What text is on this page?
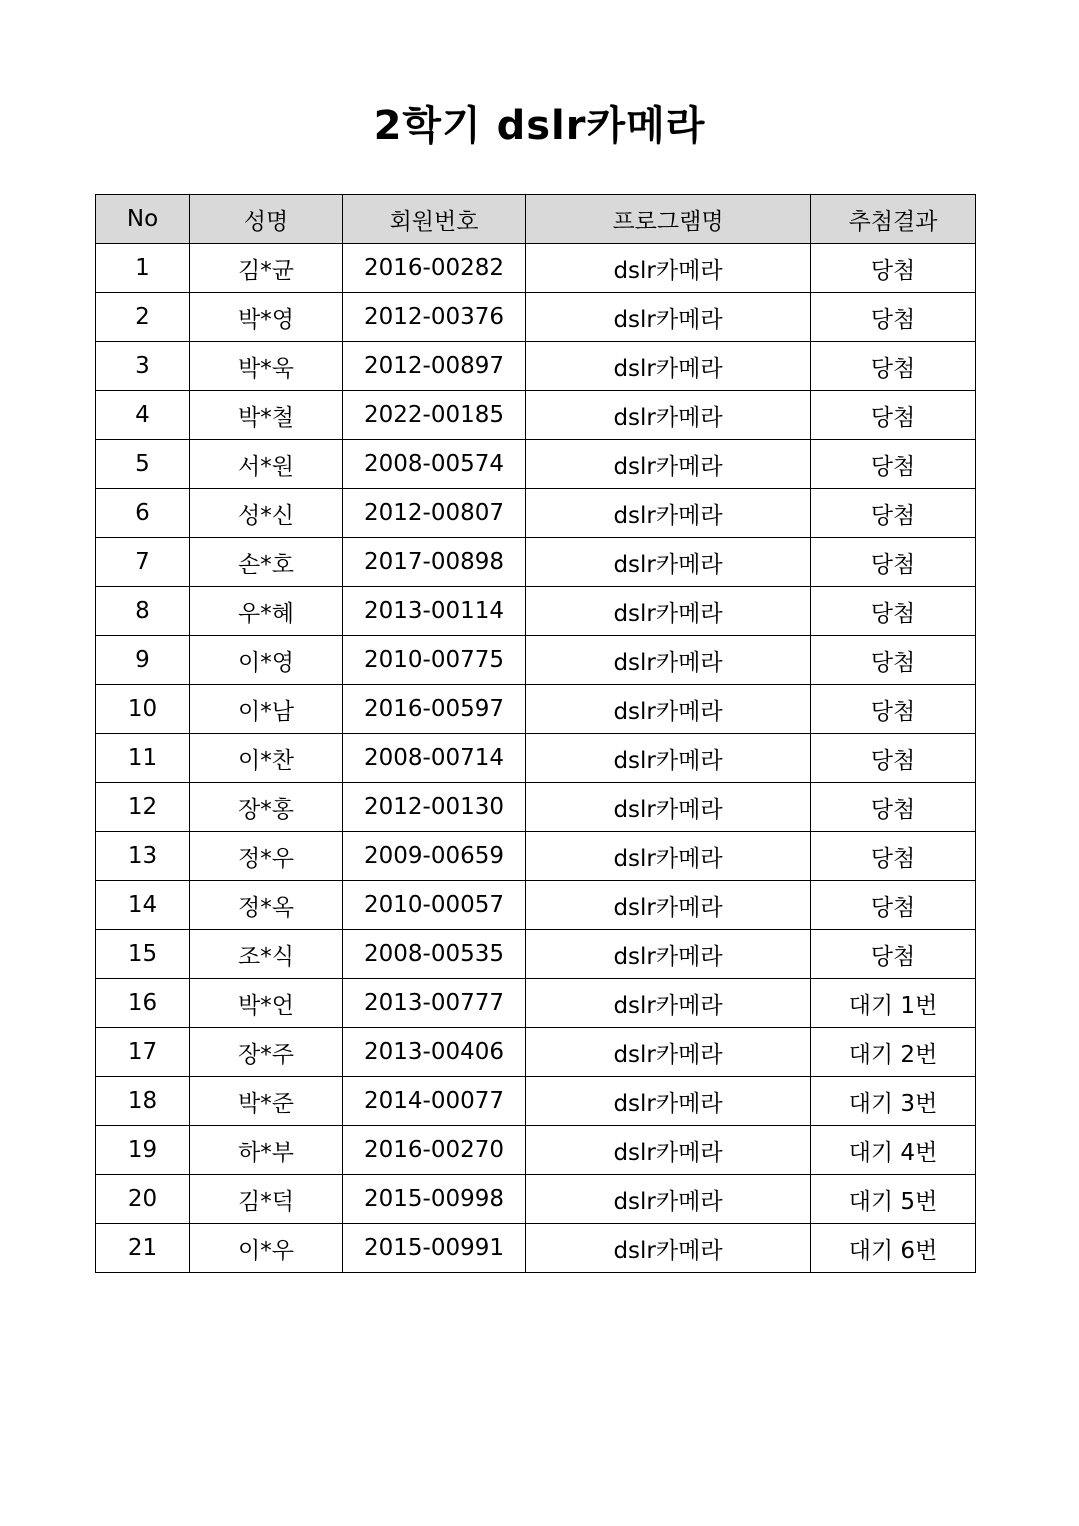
2학기 dslr카메라
No	성명	회원번호	프로그램명	추첨결과
1	김*균	2016-00282	dslr카메라	당첨
2	박*영	2012-00376	dslr카메라	당첨
3	박*욱	2012-00897	dslr카메라	당첨
4	박*철	2022-00185	dslr카메라	당첨
5	서*원	2008-00574	dslr카메라	당첨
6	성*신	2012-00807	dslr카메라	당첨
7	손*호	2017-00898	dslr카메라	당첨
8	우*혜	2013-00114	dslr카메라	당첨
9	이*영	2010-00775	dslr카메라	당첨
10	이*남	2016-00597	dslr카메라	당첨
11	이*찬	2008-00714	dslr카메라	당첨
12	장*홍	2012-00130	dslr카메라	당첨
13	정*우	2009-00659	dslr카메라	당첨
14	정*옥	2010-00057	dslr카메라	당첨
15	조*식	2008-00535	dslr카메라	당첨
16	박*언	2013-00777	dslr카메라	대기 1번
17	장*주	2013-00406	dslr카메라	대기 2번
18	박*준	2014-00077	dslr카메라	대기 3번
19	하*부	2016-00270	dslr카메라	대기 4번
20	김*덕	2015-00998	dslr카메라	대기 5번
21	이*우	2015-00991	dslr카메라	대기 6번
